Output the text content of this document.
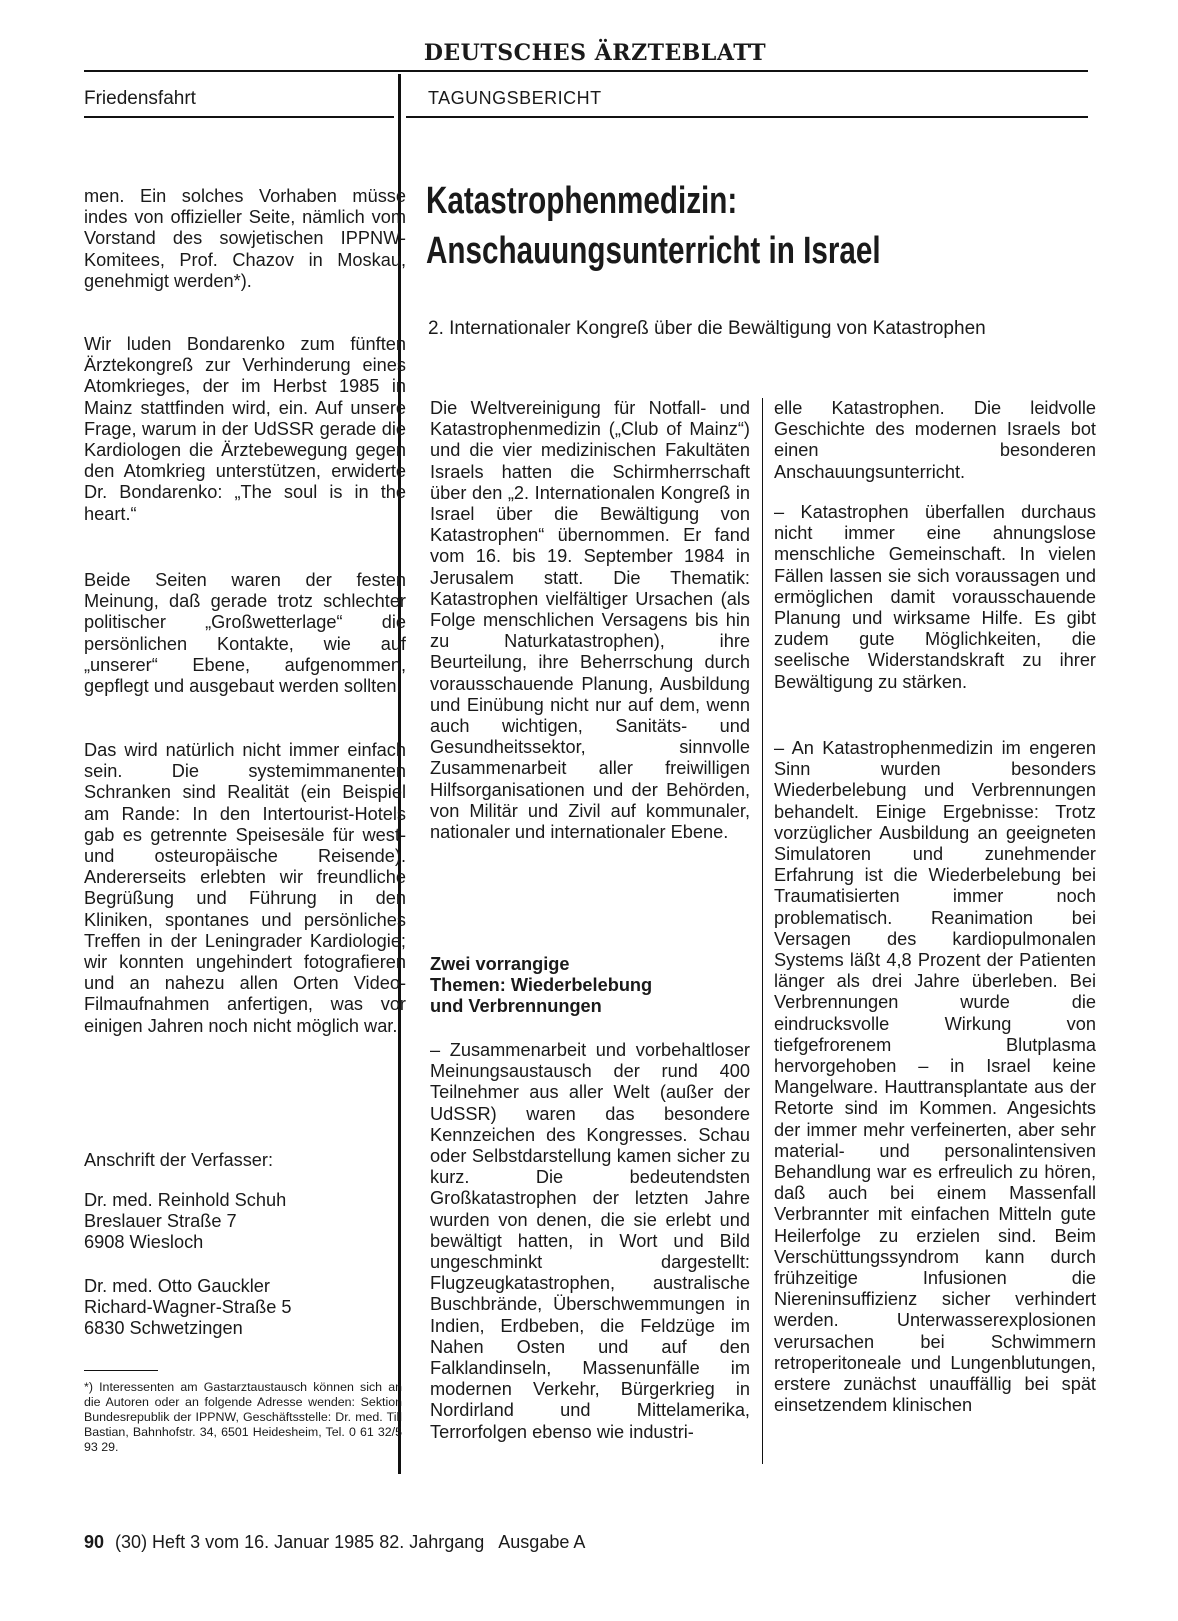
DEUTSCHES ÄRZTEBLATT
Friedensfahrt	TAGUNGSBERICHT
men. Ein solches Vorhaben müsse indes von offizieller Seite, nämlich vom Vorstand des sowjetischen IPPNW-Komitees, Prof. Chazov in Moskau, genehmigt werden*).
Wir luden Bondarenko zum fünften Ärztekongreß zur Verhinderung eines Atomkrieges, der im Herbst 1985 in Mainz stattfinden wird, ein. Auf unsere Frage, warum in der UdSSR gerade die Kardiologen die Ärztebewegung gegen den Atomkrieg unterstützen, erwiderte Dr. Bondarenko: „The soul is in the heart.“
Beide Seiten waren der festen Meinung, daß gerade trotz schlechter politischer „Großwetterlage“ die persönlichen Kontakte, wie auf „unserer“ Ebene, aufgenommen, gepflegt und ausgebaut werden sollten.
Das wird natürlich nicht immer einfach sein. Die systemimmanenten Schranken sind Realität (ein Beispiel am Rande: In den Intertourist-Hotels gab es getrennte Speisesäle für west- und osteuropäische Reisende). Andererseits erlebten wir freundliche Begrüßung und Führung in den Kliniken, spontanes und persönliches Treffen in der Leningrader Kardiologie; wir konnten ungehindert fotografieren und an nahezu allen Orten Video-Filmaufnahmen anfertigen, was vor einigen Jahren noch nicht möglich war.
Anschrift der Verfasser:
Dr. med. Reinhold Schuh
Breslauer Straße 7
6908 Wiesloch
Dr. med. Otto Gauckler
Richard-Wagner-Straße 5
6830 Schwetzingen
*) Interessenten am Gastarztaustausch können sich an die Autoren oder an folgende Adresse wenden: Sektion Bundesrepublik der IPPNW, Geschäftsstelle: Dr. med. Till Bastian, Bahnhofstr. 34, 6501 Heidesheim, Tel. 0 61 32/5 93 29.
Katastrophenmedizin:
Anschauungsunterricht in Israel
2. Internationaler Kongreß über die Bewältigung von Katastrophen
Die Weltvereinigung für Notfall- und Katastrophenmedizin („Club of Mainz“) und die vier medizinischen Fakultäten Israels hatten die Schirmherrschaft über den „2. Internationalen Kongreß in Israel über die Bewältigung von Katastrophen“ übernommen. Er fand vom 16. bis 19. September 1984 in Jerusalem statt. Die Thematik: Katastrophen vielfältiger Ursachen (als Folge menschlichen Versagens bis hin zu Naturkatastrophen), ihre Beurteilung, ihre Beherrschung durch vorausschauende Planung, Ausbildung und Einübung nicht nur auf dem, wenn auch wichtigen, Sanitäts- und Gesundheitssektor, sinnvolle Zusammenarbeit aller freiwilligen Hilfsorganisationen und der Behörden, von Militär und Zivil auf kommunaler, nationaler und internationaler Ebene.
Zwei vorrangige
Themen: Wiederbelebung
und Verbrennungen
– Zusammenarbeit und vorbehaltloser Meinungsaustausch der rund 400 Teilnehmer aus aller Welt (außer der UdSSR) waren das besondere Kennzeichen des Kongresses. Schau oder Selbstdarstellung kamen sicher zu kurz. Die bedeutendsten Großkatastrophen der letzten Jahre wurden von denen, die sie erlebt und bewältigt hatten, in Wort und Bild ungeschminkt dargestellt: Flugzeugkatastrophen, australische Buschbrände, Überschwemmungen in Indien, Erdbeben, die Feldzüge im Nahen Osten und auf den Falklandinseln, Massenunfälle im modernen Verkehr, Bürgerkrieg in Nordirland und Mittelamerika, Terrorfolgen ebenso wie industri-
elle Katastrophen. Die leidvolle Geschichte des modernen Israels bot einen besonderen Anschauungsunterricht.
– Katastrophen überfallen durchaus nicht immer eine ahnungslose menschliche Gemeinschaft. In vielen Fällen lassen sie sich voraussagen und ermöglichen damit vorausschauende Planung und wirksame Hilfe. Es gibt zudem gute Möglichkeiten, die seelische Widerstandskraft zu ihrer Bewältigung zu stärken.
– An Katastrophenmedizin im engeren Sinn wurden besonders Wiederbelebung und Verbrennungen behandelt. Einige Ergebnisse: Trotz vorzüglicher Ausbildung an geeigneten Simulatoren und zunehmender Erfahrung ist die Wiederbelebung bei Traumatisierten immer noch problematisch. Reanimation bei Versagen des kardiopulmonalen Systems läßt 4,8 Prozent der Patienten länger als drei Jahre überleben. Bei Verbrennungen wurde die eindrucksvolle Wirkung von tiefgefrorenem Blutplasma hervorgehoben – in Israel keine Mangelware. Hauttransplantate aus der Retorte sind im Kommen. Angesichts der immer mehr verfeinerten, aber sehr material- und personalintensiven Behandlung war es erfreulich zu hören, daß auch bei einem Massenfall Verbrannter mit einfachen Mitteln gute Heilerfolge zu erzielen sind. Beim Verschüttungssyndrom kann durch frühzeitige Infusionen die Niereninsuffizienz sicher verhindert werden. Unterwasserexplosionen verursachen bei Schwimmern retroperitoneale und Lungenblutungen, erstere zunächst unauffällig bei spät einsetzendem klinischen
90 (30) Heft 3 vom 16. Januar 1985 82. Jahrgang   Ausgabe A
